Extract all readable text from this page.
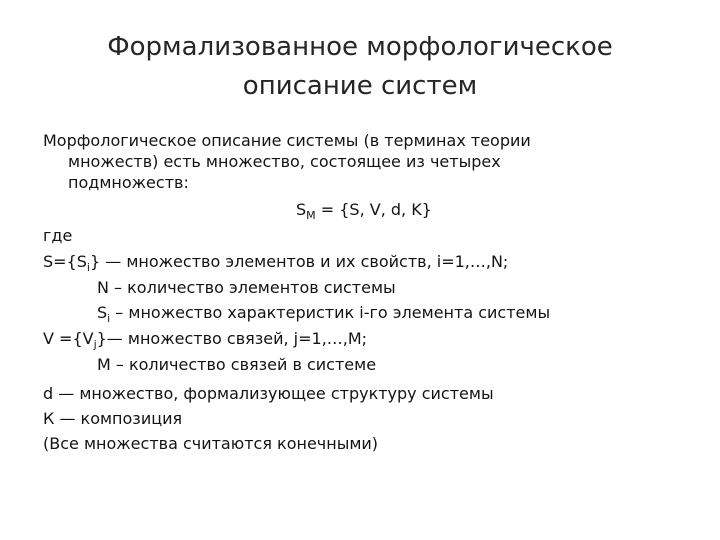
Формализованное морфологическое
описание систем
Морфологическое описание системы (в терминах теории
множеств) есть множество, состоящее из четырех
подмножеств:
$S_M = \{S$, V, d, K}
где
$S=\{S_i\}$ — множество элементов и их свойств, i=1,…,N;
N – количество элементов системы
$S_i$ – множество характеристик i-го элемента системы
$V =\{V_j\}—$ множество связей, j=1,…,M;
M – количество связей в системе
d — множество, формализующее структуру системы
К — композиция
(Все множества считаются конечными)
